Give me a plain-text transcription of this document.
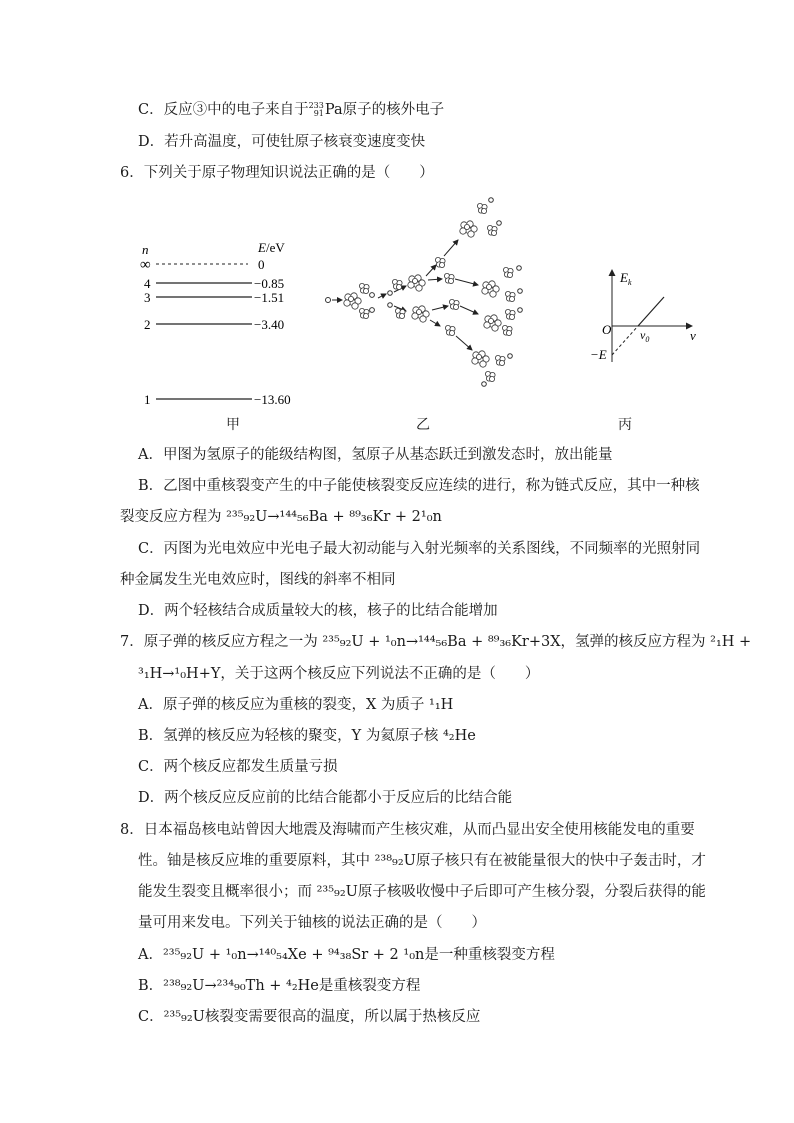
C．反应③中的电子来自于 233
91 Pa原子的核外电子
D．若升高温度，可使钍原子核衰变速度变快
6．下列关于原子物理知识说法正确的是（　　）
n	E/eV
∞	0
4	−0.85
3	−1.51
2	−3.40
1	−13.60
甲	乙
$E_k$
O	ν
$\nu_0$
−E
丙
A．甲图为氢原子的能级结构图，氢原子从基态跃迁到激发态时，放出能量
B．乙图中重核裂变产生的中子能使核裂变反应连续的进行，称为链式反应，其中一种核
裂变反应方程为 ²³⁵₉₂U→¹⁴⁴₅₆Ba + ⁸⁹₃₆Kr + 2¹₀n
C．丙图为光电效应中光电子最大初动能与入射光频率的关系图线，不同频率的光照射同
种金属发生光电效应时，图线的斜率不相同
D．两个轻核结合成质量较大的核，核子的比结合能增加
7．原子弹的核反应方程之一为 ²³⁵₉₂U + ¹₀n→¹⁴⁴₅₆Ba + ⁸⁹₃₆Kr+3X，氢弹的核反应方程为 ²₁H +
³₁H→¹₀H+Y，关于这两个核反应下列说法不正确的是（　　）
A．原子弹的核反应为重核的裂变，X 为质子 ¹₁H
B．氢弹的核反应为轻核的聚变，Y 为氦原子核 ⁴₂He
C．两个核反应都发生质量亏损
D．两个核反应反应前的比结合能都小于反应后的比结合能
8．日本福岛核电站曾因大地震及海啸而产生核灾难，从而凸显出安全使用核能发电的重要
性。铀是核反应堆的重要原料，其中 ²³⁸₉₂U原子核只有在被能量很大的快中子轰击时，才
能发生裂变且概率很小；而 ²³⁵₉₂U原子核吸收慢中子后即可产生核分裂，分裂后获得的能
量可用来发电。下列关于铀核的说法正确的是（　　）
A．²³⁵₉₂U + ¹₀n→¹⁴⁰₅₄Xe + ⁹⁴₃₈Sr + 2 ¹₀n是一种重核裂变方程
B．²³⁸₉₂U→²³⁴₉₀Th + ⁴₂He是重核裂变方程
C．²³⁵₉₂U核裂变需要很高的温度，所以属于热核反应
